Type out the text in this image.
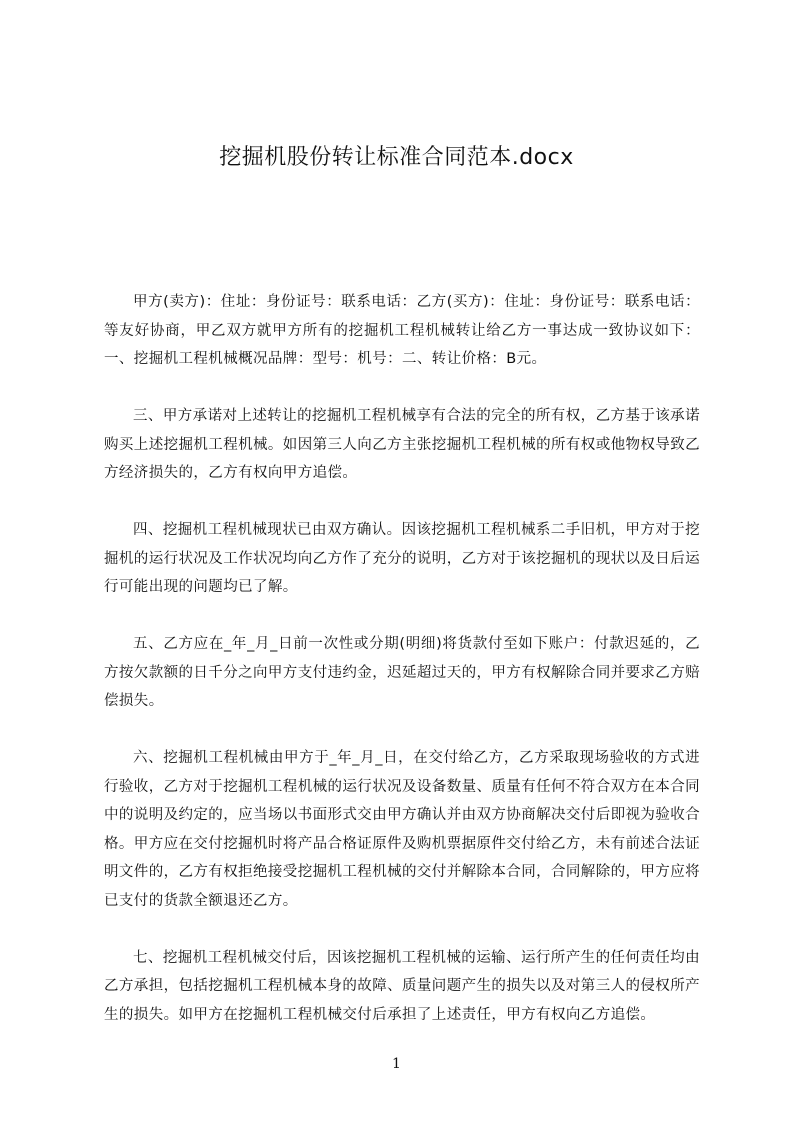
挖掘机股份转让标准合同范本.docx

甲方(卖方)：住址：身份证号：联系电话：乙方(买方)：住址：身份证号：联系电话：等友好协商，甲乙双方就甲方所有的挖掘机工程机械转让给乙方一事达成一致协议如下：一、挖掘机工程机械概况品牌：型号：机号：二、转让价格：B元。

三、甲方承诺对上述转让的挖掘机工程机械享有合法的完全的所有权，乙方基于该承诺购买上述挖掘机工程机械。如因第三人向乙方主张挖掘机工程机械的所有权或他物权导致乙方经济损失的，乙方有权向甲方追偿。

四、挖掘机工程机械现状已由双方确认。因该挖掘机工程机械系二手旧机，甲方对于挖掘机的运行状况及工作状况均向乙方作了充分的说明，乙方对于该挖掘机的现状以及日后运行可能出现的问题均已了解。

五、乙方应在_年_月_日前一次性或分期(明细)将货款付至如下账户：付款迟延的，乙方按欠款额的日千分之向甲方支付违约金，迟延超过天的，甲方有权解除合同并要求乙方赔偿损失。

六、挖掘机工程机械由甲方于_年_月_日，在交付给乙方，乙方采取现场验收的方式进行验收，乙方对于挖掘机工程机械的运行状况及设备数量、质量有任何不符合双方在本合同中的说明及约定的，应当场以书面形式交由甲方确认并由双方协商解决交付后即视为验收合格。甲方应在交付挖掘机时将产品合格证原件及购机票据原件交付给乙方，未有前述合法证明文件的，乙方有权拒绝接受挖掘机工程机械的交付并解除本合同，合同解除的，甲方应将已支付的货款全额退还乙方。

七、挖掘机工程机械交付后，因该挖掘机工程机械的运输、运行所产生的任何责任均由乙方承担，包括挖掘机工程机械本身的故障、质量问题产生的损失以及对第三人的侵权所产生的损失。如甲方在挖掘机工程机械交付后承担了上述责任，甲方有权向乙方追偿。

1
